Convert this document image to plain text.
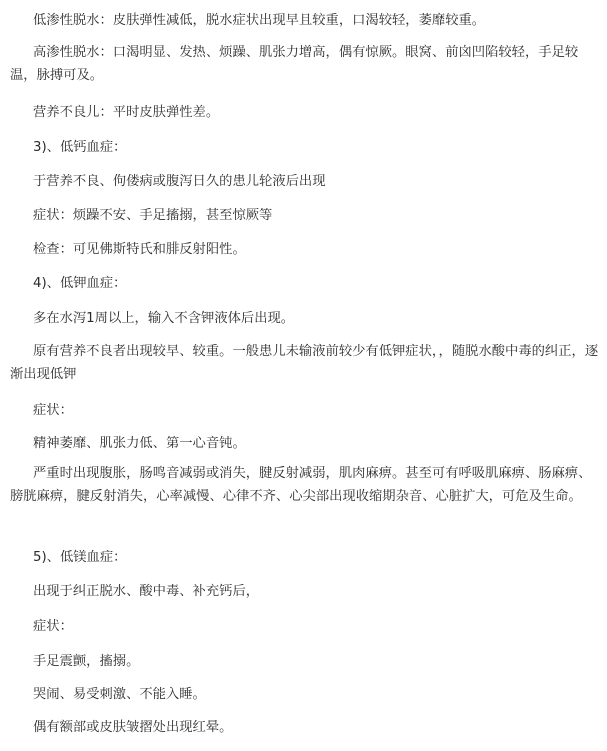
低渗性脱水：皮肤弹性减低，脱水症状出现早且较重，口渴较轻，萎靡较重。
高渗性脱水：口渴明显、发热、烦躁、肌张力增高，偶有惊厥。眼窝、前囟凹陷较轻，手足较温，脉搏可及。
营养不良儿：平时皮肤弹性差。
3)、低钙血症：
于营养不良、佝偻病或腹泻日久的患儿轮液后出现
症状：烦躁不安、手足搐搦，甚至惊厥等
检查：可见佛斯特氏和腓反射阳性。
4)、低钾血症：
多在水泻1周以上，输入不含钾液体后出现。
原有营养不良者出现较早、较重。一般患儿未输液前较少有低钾症状，，随脱水酸中毒的纠正，逐渐出现低钾
症状：
精神萎靡、肌张力低、第一心音钝。
严重时出现腹胀，肠鸣音减弱或消失，腱反射减弱，肌肉麻痹。甚至可有呼吸肌麻痹、肠麻痹、膀胱麻痹，腱反射消失，心率减慢、心律不齐、心尖部出现收缩期杂音、心脏扩大，可危及生命。
5)、低镁血症：
出现于纠正脱水、酸中毒、补充钙后，
症状：
手足震颤，搐搦。
哭闹、易受刺激、不能入睡。
偶有额部或皮肤皱摺处出现红晕。
